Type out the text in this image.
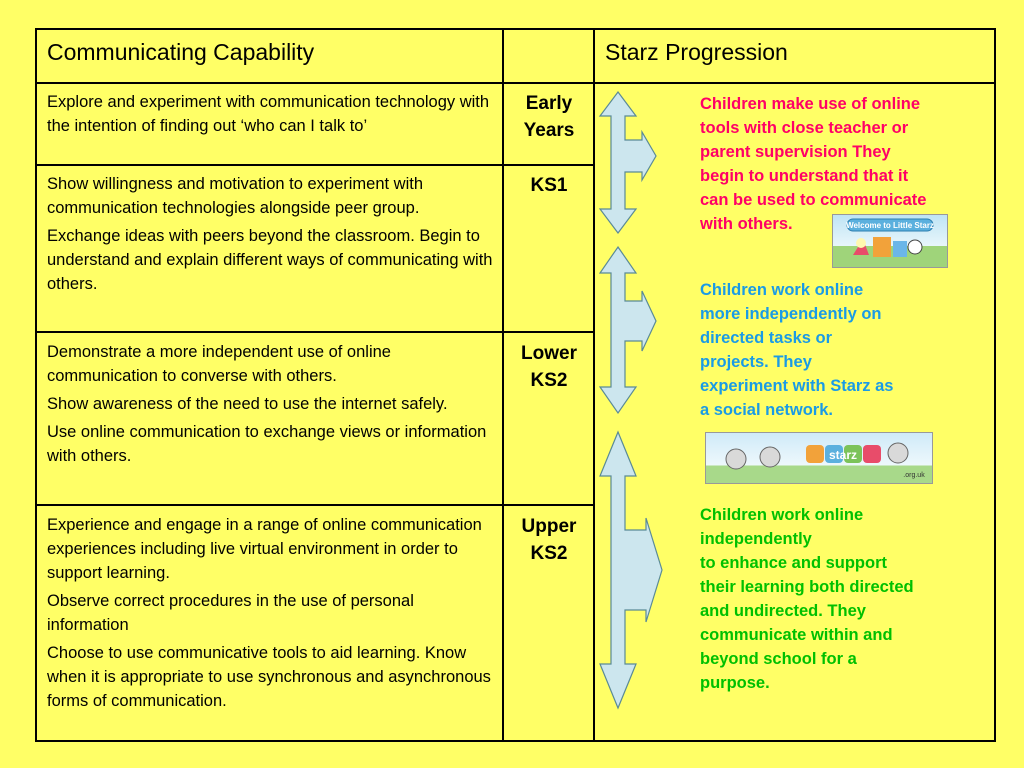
Communicating Capability	Starz Progression

Explore and experiment with communication technology with the intention of finding out ‘who can I talk to’

Early
Years

Show willingness and motivation to experiment with communication technologies alongside peer group.

Exchange ideas with peers beyond the classroom. Begin to understand and explain different ways of communicating with others.

KS1

Demonstrate a more independent use of online communication to converse with others.

Show awareness of the need to use the internet safely.

Use online communication to exchange views or information with others.

Lower
KS2

Experience and engage in a range of online communication experiences including live virtual environment in order to support learning.

Observe correct procedures in the use of personal information

Choose to use communicative tools to aid learning. Know when it is appropriate to use synchronous and asynchronous forms of communication.

Upper
KS2

Children make use of online

tools with close teacher or

parent supervision They

begin to understand that it

can be used to communicate

with others.	Welcome to Little Starz

Children work online

more independently on

directed tasks or

projects. They

experiment with Starz as

a social network.

starz
.org.uk

Children work online

independently

to enhance and support

their learning both directed

and undirected. They

communicate within and

beyond school for a

purpose.
